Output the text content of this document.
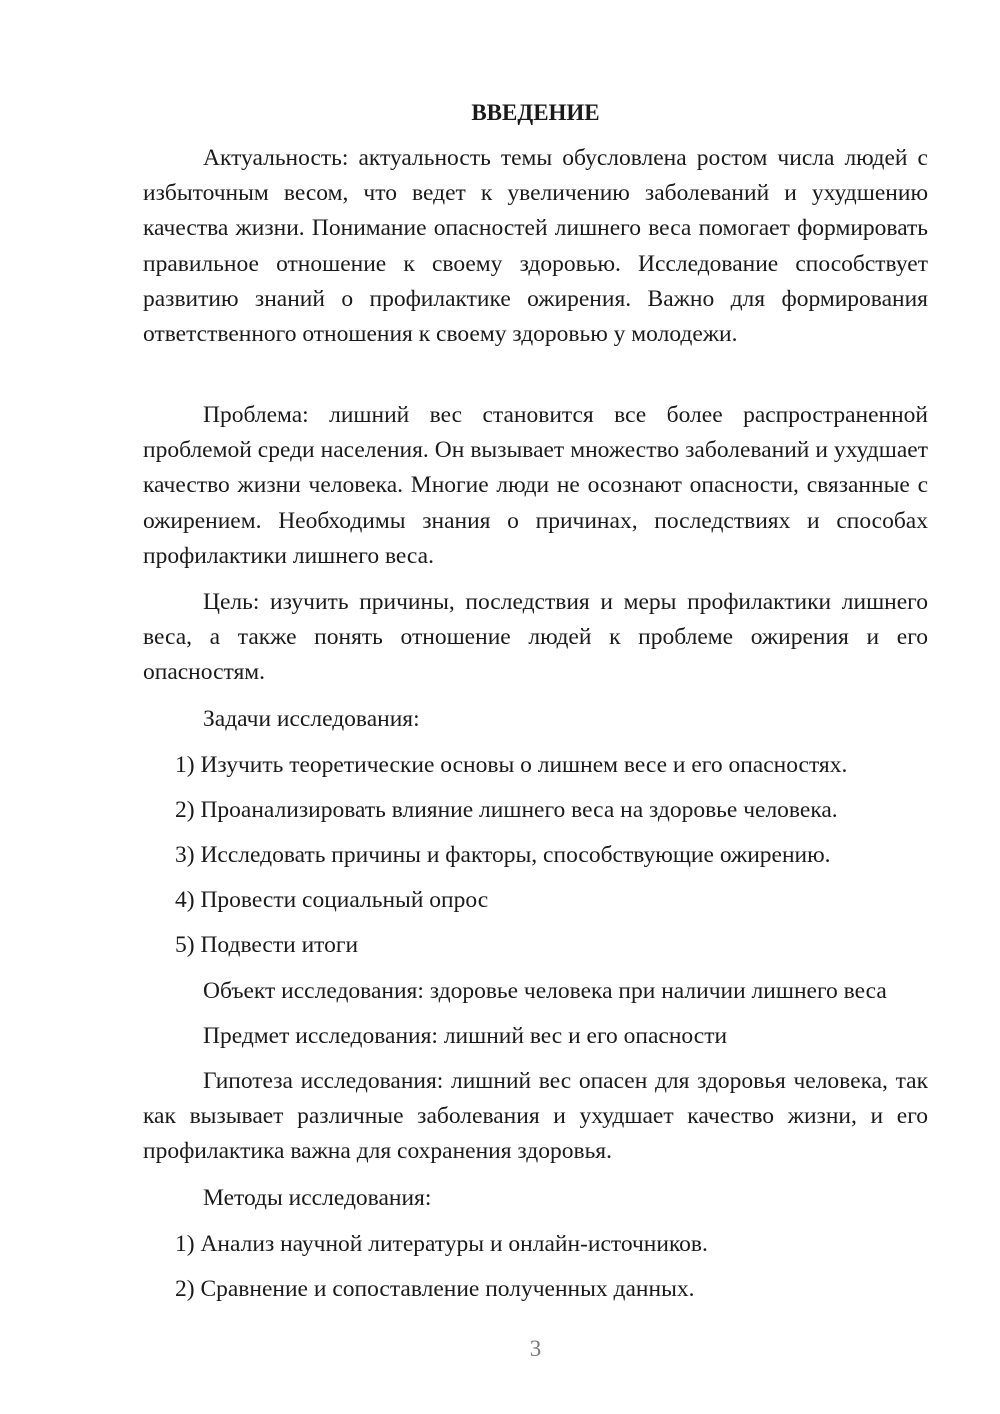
ВВЕДЕНИЕ

Актуальность: актуальность темы обусловлена ростом числа людей с избыточным весом, что ведет к увеличению заболеваний и ухудшению качества жизни. Понимание опасностей лишнего веса помогает формировать правильное отношение к своему здоровью. Исследование способствует развитию знаний о профилактике ожирения. Важно для формирования ответственного отношения к своему здоровью у молодежи.

Проблема: лишний вес становится все более распространенной проблемой среди населения. Он вызывает множество заболеваний и ухудшает качество жизни человека. Многие люди не осознают опасности, связанные с ожирением. Необходимы знания о причинах, последствиях и способах профилактики лишнего веса.

Цель: изучить причины, последствия и меры профилактики лишнего веса, а также понять отношение людей к проблеме ожирения и его опасностям.

Задачи исследования:

1) Изучить теоретические основы о лишнем весе и его опасностях.

2) Проанализировать влияние лишнего веса на здоровье человека.

3) Исследовать причины и факторы, способствующие ожирению.

4) Провести социальный опрос

5) Подвести итоги

Объект исследования: здоровье человека при наличии лишнего веса

Предмет исследования: лишний вес и его опасности

Гипотеза исследования: лишний вес опасен для здоровья человека, так как вызывает различные заболевания и ухудшает качество жизни, и его профилактика важна для сохранения здоровья.

Методы исследования:

1) Анализ научной литературы и онлайн-источников.

2) Сравнение и сопоставление полученных данных.

3
